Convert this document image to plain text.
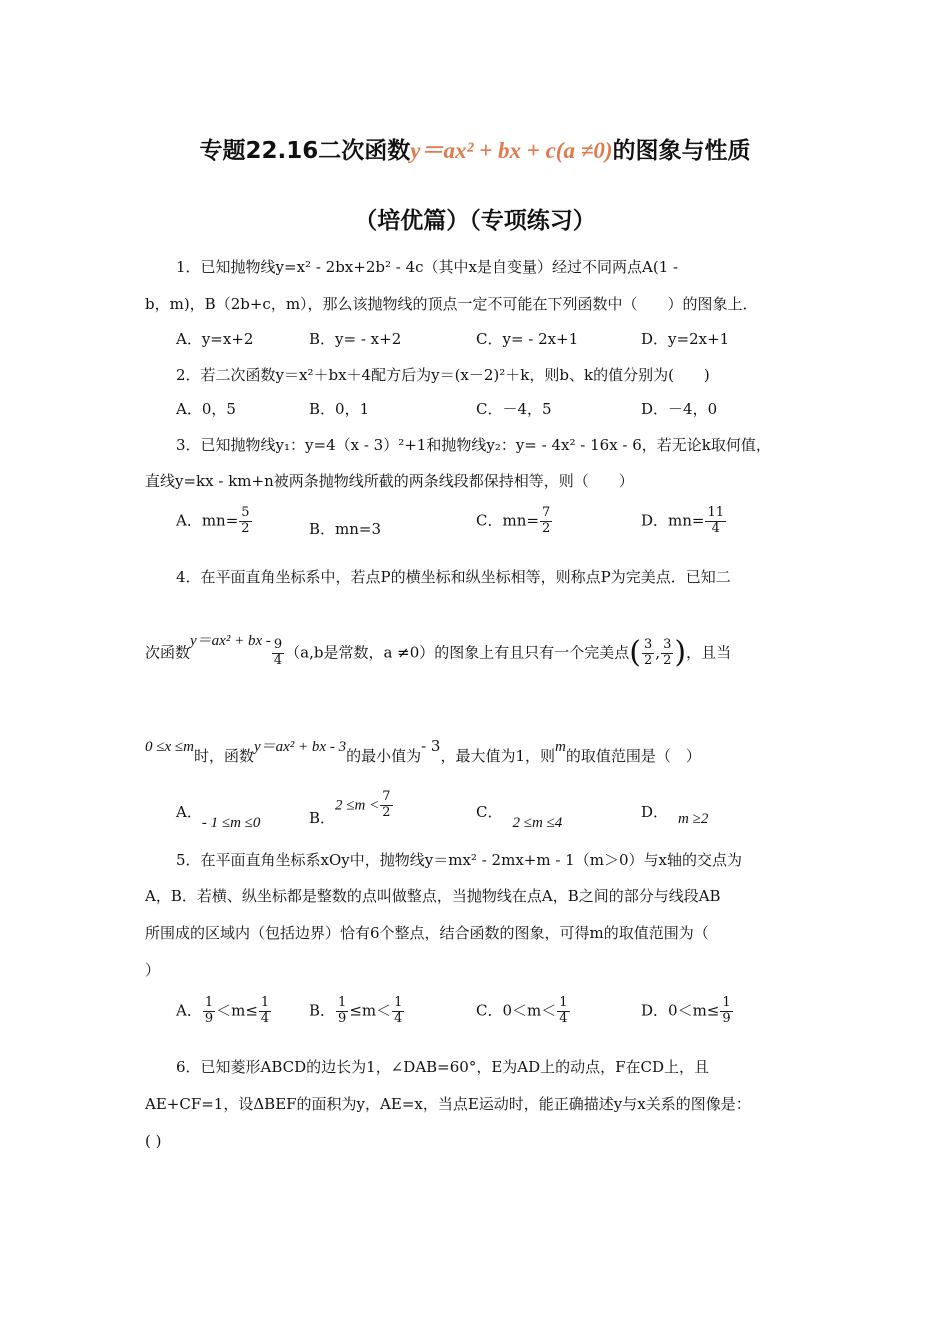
专题22.16二次函数y＝ax² + bx + c(a ≠0)的图象与性质
（培优篇）（专项练习）
1．已知抛物线y=x² - 2bx+2b² - 4c（其中x是自变量）经过不同两点A(1 -
b，m)，B（2b+c，m），那么该抛物线的顶点一定不可能在下列函数中（　　）的图象上．
A．y=x+2	B．y= - x+2	C．y= - 2x+1	D．y=2x+1
2．若二次函数y＝x²＋bx＋4配方后为y＝(x－2)²＋k，则b、k的值分别为(　　)
A．0，5	B．0，1	C．－4，5	D．－4，0
3．已知抛物线y₁：y=4（x - 3）²+1和抛物线y₂：y= - 4x² - 16x - 6，若无论k取何值，
直线y=kx - km+n被两条抛物线所截的两条线段都保持相等，则（　　）
A．$mn= \frac{5}{2}$	B．mn=3	C．$mn= \frac{7}{2}$	D．$mn= \frac{11}{4}$
4．在平面直角坐标系中，若点P的横坐标和纵坐标相等，则称点P为完美点．已知二
次函数y＝ax² + bx - $\frac{9}{4} (a,b$是常数，a ≠0）的图象上有且只有一个完美点( $\frac{3}{2}$ , $\frac{3}{2}$ )，且当
0 ≤x ≤m时，函数y＝ax² + bx - 3的最小值为- 3，最大值为1，则m的取值范围是（　）
A．- 1 ≤m ≤0	B．$2 \le m < \frac{7}{2}$	C．2 ≤m ≤4
D． m ≥2
5．在平面直角坐标系xOy中，抛物线y＝mx² - 2mx+m - 1（m＞0）与x轴的交点为
A，B．若横、纵坐标都是整数的点叫做整点，当抛物线在点A，B之间的部分与线段AB
所围成的区域内（包括边界）恰有6个整点，结合函数的图象，可得m的取值范围为（
）
A． $\frac{1}{9} <m\le \frac{1}{4}$	B． $\frac{1}{9} \le m< \frac{1}{4}$	C．$0<m< \frac{1}{4}$	D．$0<m\le \frac{1}{9}$
6．已知菱形ABCD的边长为1，∠DAB=60°，E为AD上的动点，F在CD上，且
AE+CF=1，设ΔBEF的面积为y，AE=x，当点E运动时，能正确描述y与x关系的图像是：
( )
